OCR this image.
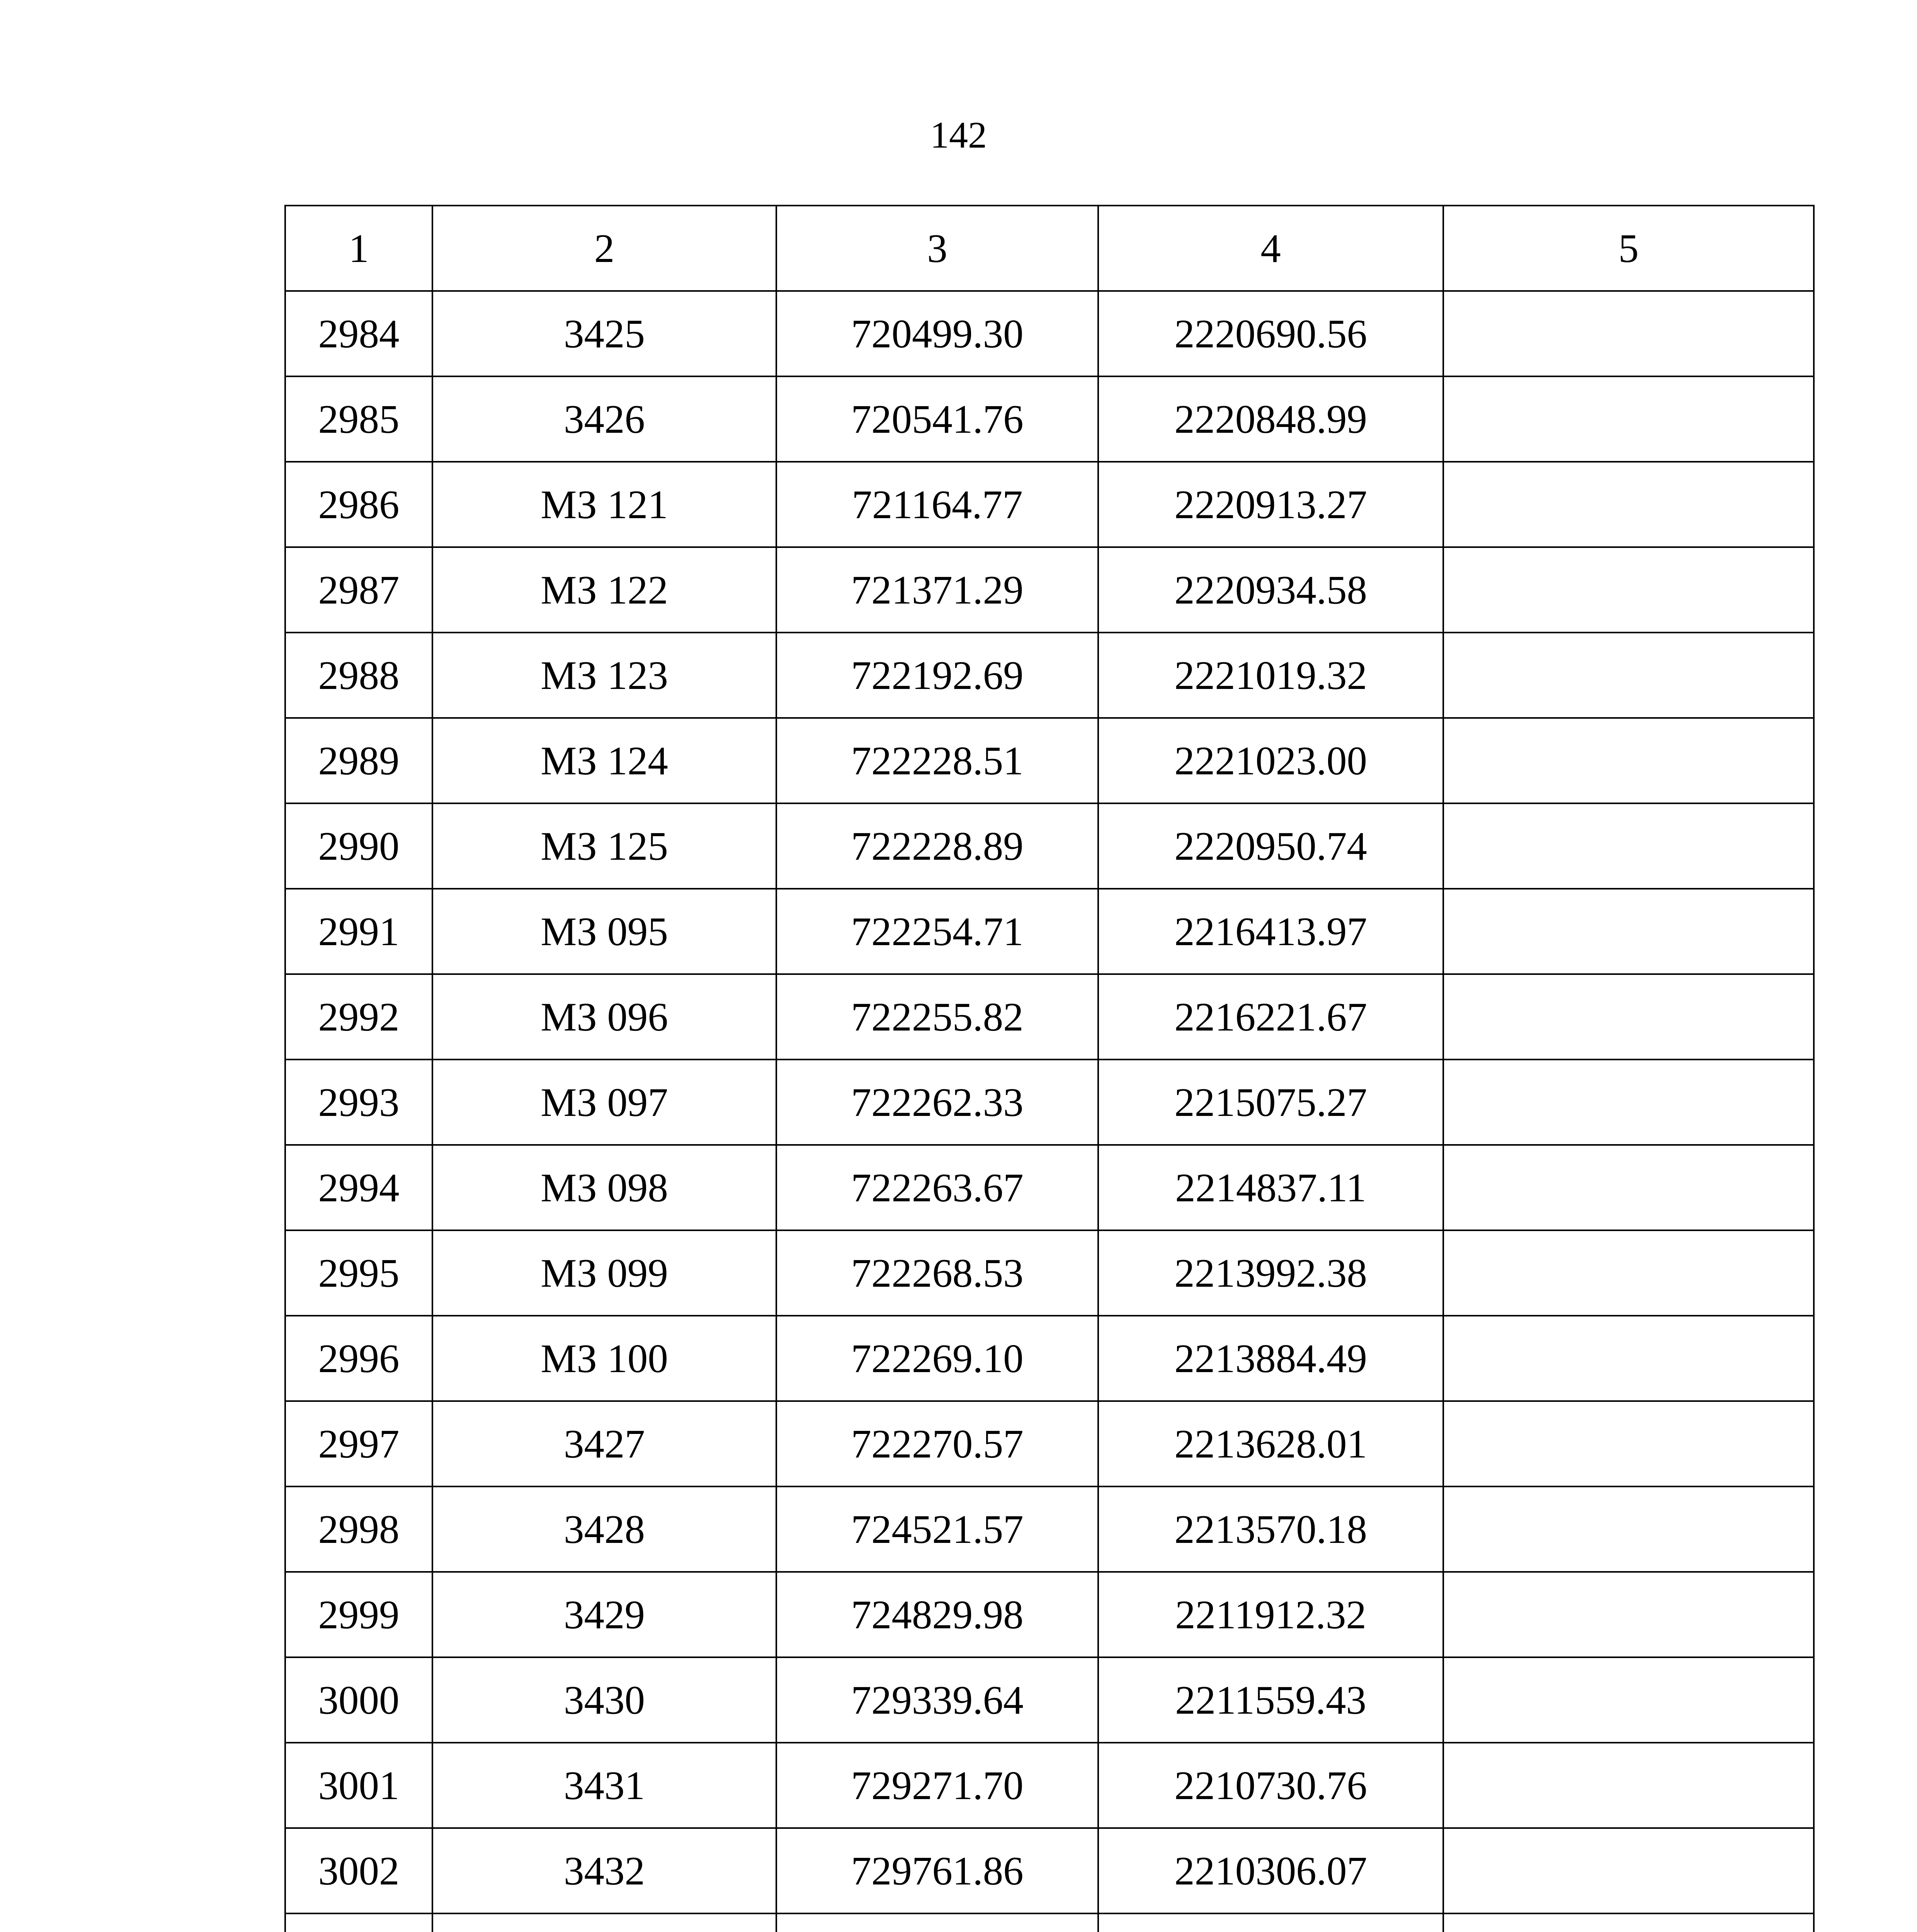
142
1	2	3	4	5
2984	3425	720499.30	2220690.56	
2985	3426	720541.76	2220848.99	
2986	МЗ 121	721164.77	2220913.27	
2987	МЗ 122	721371.29	2220934.58	
2988	МЗ 123	722192.69	2221019.32	
2989	МЗ 124	722228.51	2221023.00	
2990	МЗ 125	722228.89	2220950.74	
2991	МЗ 095	722254.71	2216413.97	
2992	МЗ 096	722255.82	2216221.67	
2993	МЗ 097	722262.33	2215075.27	
2994	МЗ 098	722263.67	2214837.11	
2995	МЗ 099	722268.53	2213992.38	
2996	МЗ 100	722269.10	2213884.49	
2997	3427	722270.57	2213628.01	
2998	3428	724521.57	2213570.18	
2999	3429	724829.98	2211912.32	
3000	3430	729339.64	2211559.43	
3001	3431	729271.70	2210730.76	
3002	3432	729761.86	2210306.07	
